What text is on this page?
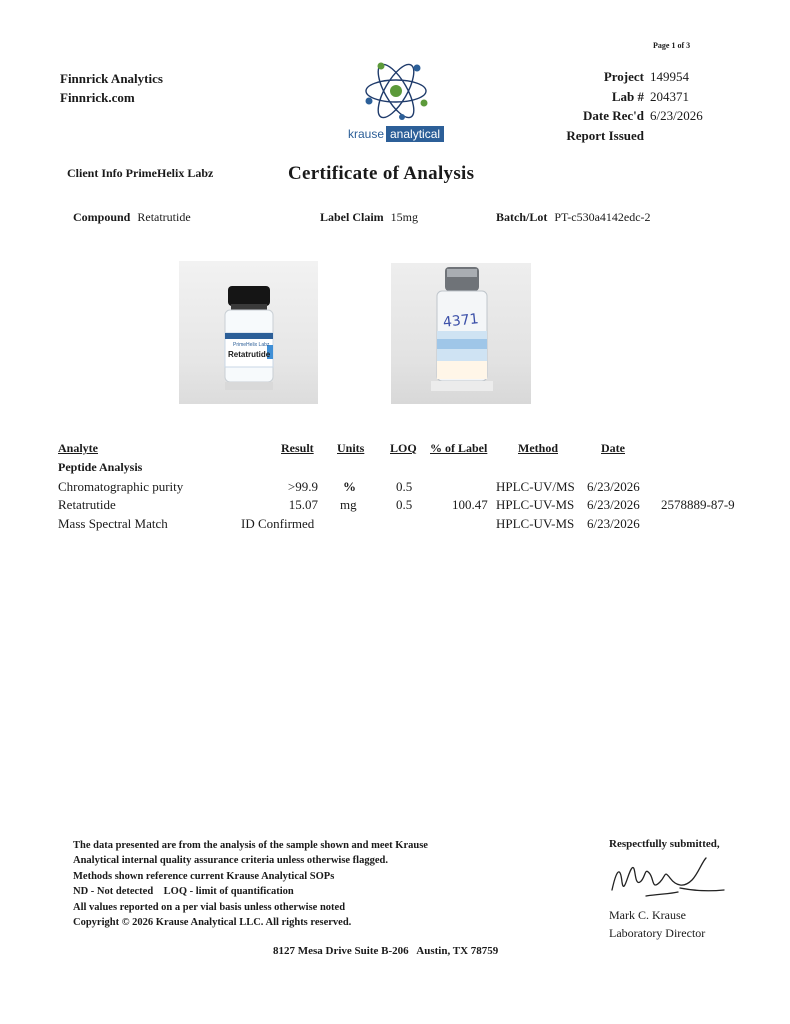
Page 1 of 3
Finnrick Analytics
Finnrick.com
krause analytical
Project 149954
Lab # 204371
Date Rec'd 6/23/2026
Report Issued
Client Info PrimeHelix Labz	Certificate of Analysis
Compound Retatrutide	Label Claim 15mg	Batch/Lot PT-c530a4142edc-2
PrimeHelix Labz
Retatrutide
4371
Analyte	Result Units LOQ % of Label	Method	Date
Peptide Analysis
Chromatographic purity	>99.9 %	0.5	HPLC-UV/MS 6/23/2026
Retatrutide	15.07 mg	0.5	100.47 HPLC-UV-MS 6/23/2026 2578889-87-9
Mass Spectral Match	ID Confirmed	HPLC-UV-MS 6/23/2026
The data presented are from the analysis of the sample shown and meet Krause
Analytical internal quality assurance criteria unless otherwise flagged.
Methods shown reference current Krause Analytical SOPs
ND - Not detected    LOQ - limit of quantification
All values reported on a per vial basis unless otherwise noted
Copyright © 2026 Krause Analytical LLC. All rights reserved.
Respectfully submitted,
Mark C. Krause
Laboratory Director
8127 Mesa Drive Suite B-206   Austin, TX 78759
